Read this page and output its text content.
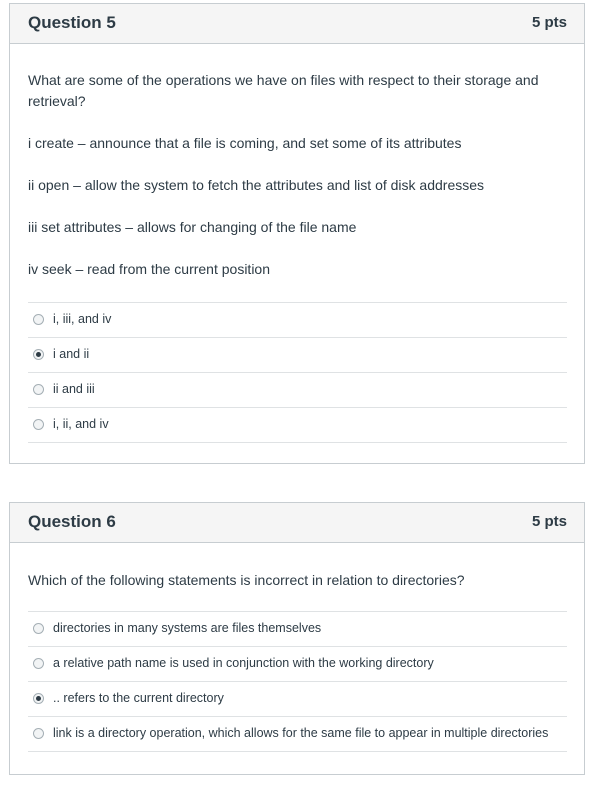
Question 5	5 pts

What are some of the operations we have on files with respect to their storage and retrieval?

i create – announce that a file is coming, and set some of its attributes

ii open – allow the system to fetch the attributes and list of disk addresses

iii set attributes – allows for changing of the file name

iv seek – read from the current position

i, iii, and iv
i and ii
ii and iii
i, ii, and iv
Question 6	5 pts

Which of the following statements is incorrect in relation to directories?

directories in many systems are files themselves
a relative path name is used in conjunction with the working directory
.. refers to the current directory
link is a directory operation, which allows for the same file to appear in multiple directories
